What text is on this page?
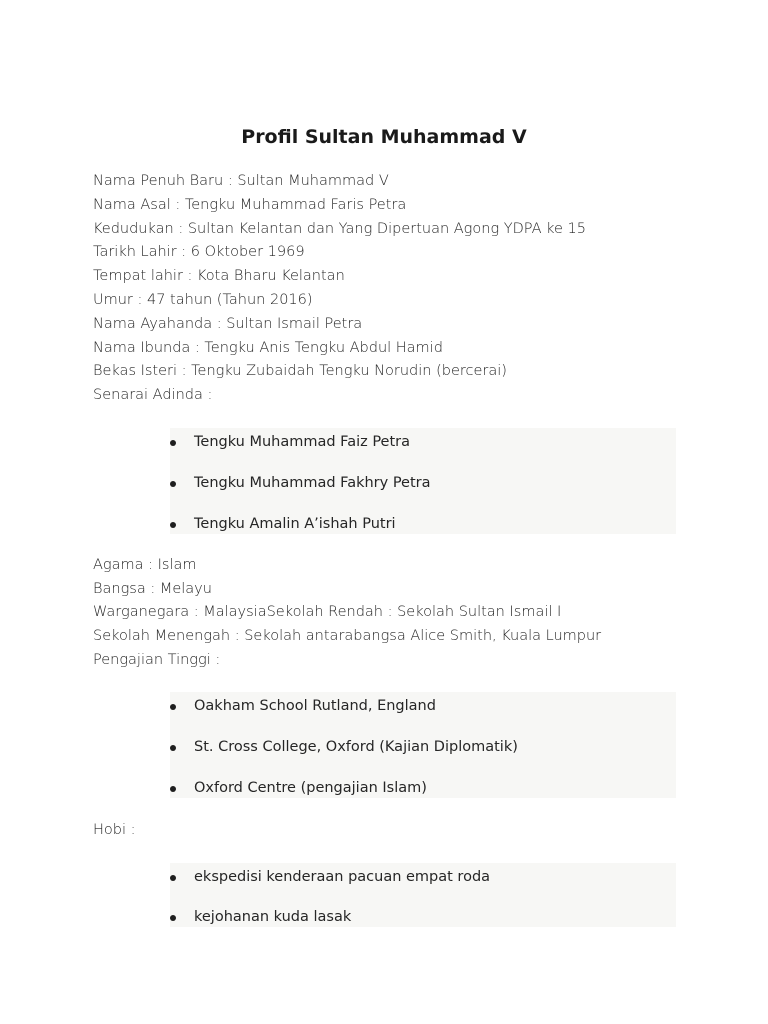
Profil Sultan Muhammad V
Nama Penuh Baru : Sultan Muhammad V
Nama Asal : Tengku Muhammad Faris Petra
Kedudukan : Sultan Kelantan dan Yang Dipertuan Agong YDPA ke 15
Tarikh Lahir : 6 Oktober 1969
Tempat lahir : Kota Bharu Kelantan
Umur : 47 tahun (Tahun 2016)
Nama Ayahanda : Sultan Ismail Petra
Nama Ibunda : Tengku Anis Tengku Abdul Hamid
Bekas Isteri : Tengku Zubaidah Tengku Norudin (bercerai)
Senarai Adinda :
Tengku Muhammad Faiz Petra
Tengku Muhammad Fakhry Petra
Tengku Amalin A’ishah Putri
Agama : Islam
Bangsa : Melayu
Warganegara : MalaysiaSekolah Rendah : Sekolah Sultan Ismail I
Sekolah Menengah : Sekolah antarabangsa Alice Smith, Kuala Lumpur
Pengajian Tinggi :
Oakham School Rutland, England
St. Cross College, Oxford (Kajian Diplomatik)
Oxford Centre (pengajian Islam)
Hobi :
ekspedisi kenderaan pacuan empat roda
kejohanan kuda lasak
